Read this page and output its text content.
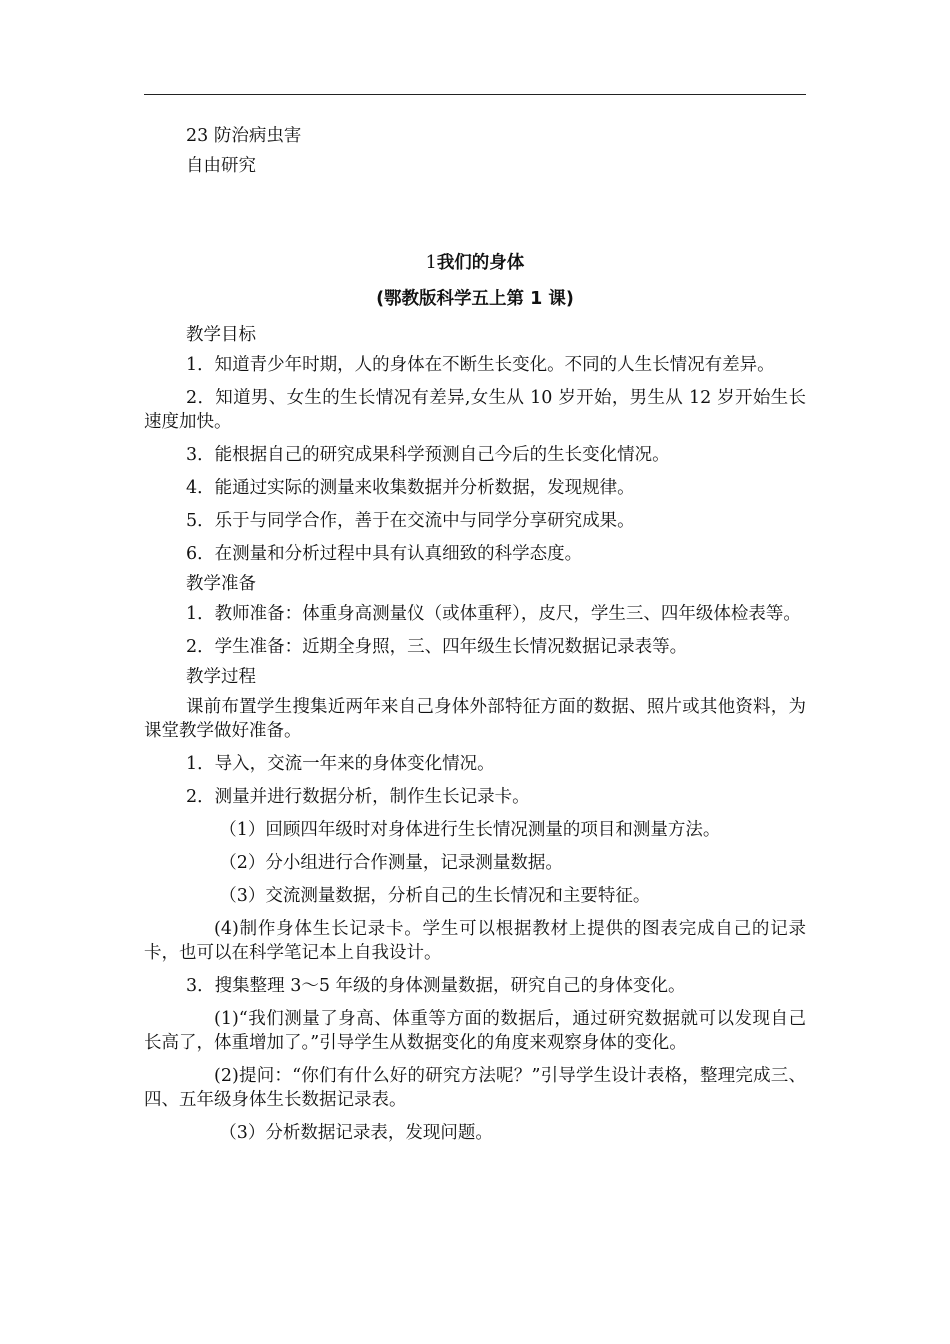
23 防治病虫害

自由研究

1我们的身体

(鄂教版科学五上第 1 课)

教学目标

1．知道青少年时期，人的身体在不断生长变化。不同的人生长情况有差异。

2．知道男、女生的生长情况有差异,女生从 10 岁开始，男生从 12 岁开始生长速度加快。

3．能根据自己的研究成果科学预测自己今后的生长变化情况。

4．能通过实际的测量来收集数据并分析数据，发现规律。

5．乐于与同学合作，善于在交流中与同学分享研究成果。

6．在测量和分析过程中具有认真细致的科学态度。

教学准备

1．教师准备：体重身高测量仪（或体重秤），皮尺，学生三、四年级体检表等。

2．学生准备：近期全身照，三、四年级生长情况数据记录表等。

教学过程

课前布置学生搜集近两年来自己身体外部特征方面的数据、照片或其他资料，为课堂教学做好准备。

1．导入，交流一年来的身体变化情况。

2．测量并进行数据分析，制作生长记录卡。

（1）回顾四年级时对身体进行生长情况测量的项目和测量方法。

（2）分小组进行合作测量，记录测量数据。

（3）交流测量数据，分析自己的生长情况和主要特征。

(4)制作身体生长记录卡。学生可以根据教材上提供的图表完成自己的记录卡，也可以在科学笔记本上自我设计。

3．搜集整理 3～5 年级的身体测量数据，研究自己的身体变化。

(1)“我们测量了身高、体重等方面的数据后，通过研究数据就可以发现自己长高了，体重增加了。”引导学生从数据变化的角度来观察身体的变化。

(2)提问：“你们有什么好的研究方法呢？”引导学生设计表格，整理完成三、四、五年级身体生长数据记录表。

（3）分析数据记录表，发现问题。
